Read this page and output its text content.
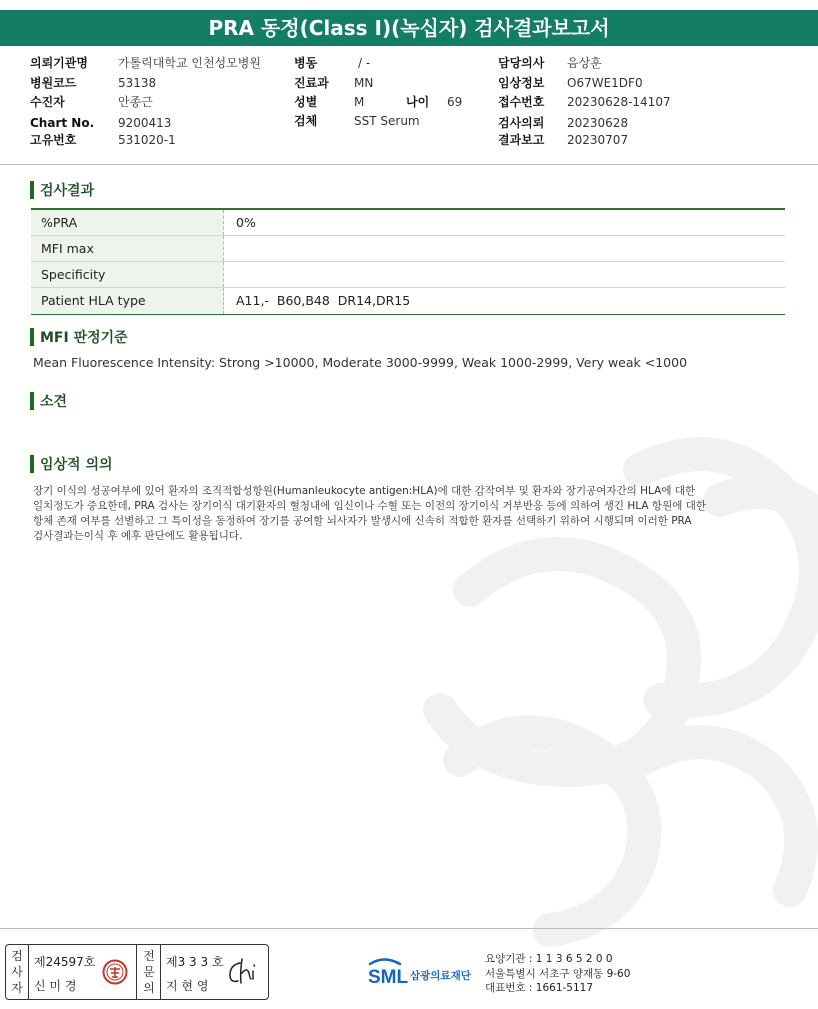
PRA 동정(Class I)(녹십자) 검사결과보고서
의뢰기관명	가톨릭대학교 인천성모병원
병원코드	53138
수진자	안종근
Chart No. 9200413
고유번호	531020-1
병동	/ -
진료과 MN
성별	M	나이 69
검체	SST Serum
담당의사 음상훈
임상정보 O67WE1DF0
접수번호 20230628-14107
검사의뢰 20230628
결과보고 20230707
검사결과
%PRA	0%
MFI max
Specificity
Patient HLA type	A11,-  B60,B48  DR14,DR15
MFI 판정기준
Mean Fluorescence Intensity: Strong >10000, Moderate 3000-9999, Weak 1000-2999, Very weak <1000
소견
임상적 의의
장기 이식의 성공여부에 있어 환자의 조직적합성항원(Humanleukocyte antigen:HLA)에 대한 감작여부 및 환자와 장기공여자간의 HLA에 대한
일치정도가 중요한데, PRA 검사는 장기이식 대기환자의 혈청내에 임신이나 수혈 또는 이전의 장기이식 거부반응 등에 의하여 생긴 HLA 항원에 대한
항체 존재 여부를 선별하고 그 특이성을 동정하여 장기를 공여할 뇌사자가 발생시에 신속히 적합한 환자를 선택하기 위하여 시행되며 이러한 PRA
검사결과는이식 후 예후 판단에도 활용됩니다.
검
사
자
제24597호
신 미 경
전
문
의
제3 3 3 호
지 현 영	SML 삼광의료재단
요양기관 : 1 1 3 6 5 2 0 0
서울특별시 서초구 양재동 9-60
대표번호 : 1661-5117
